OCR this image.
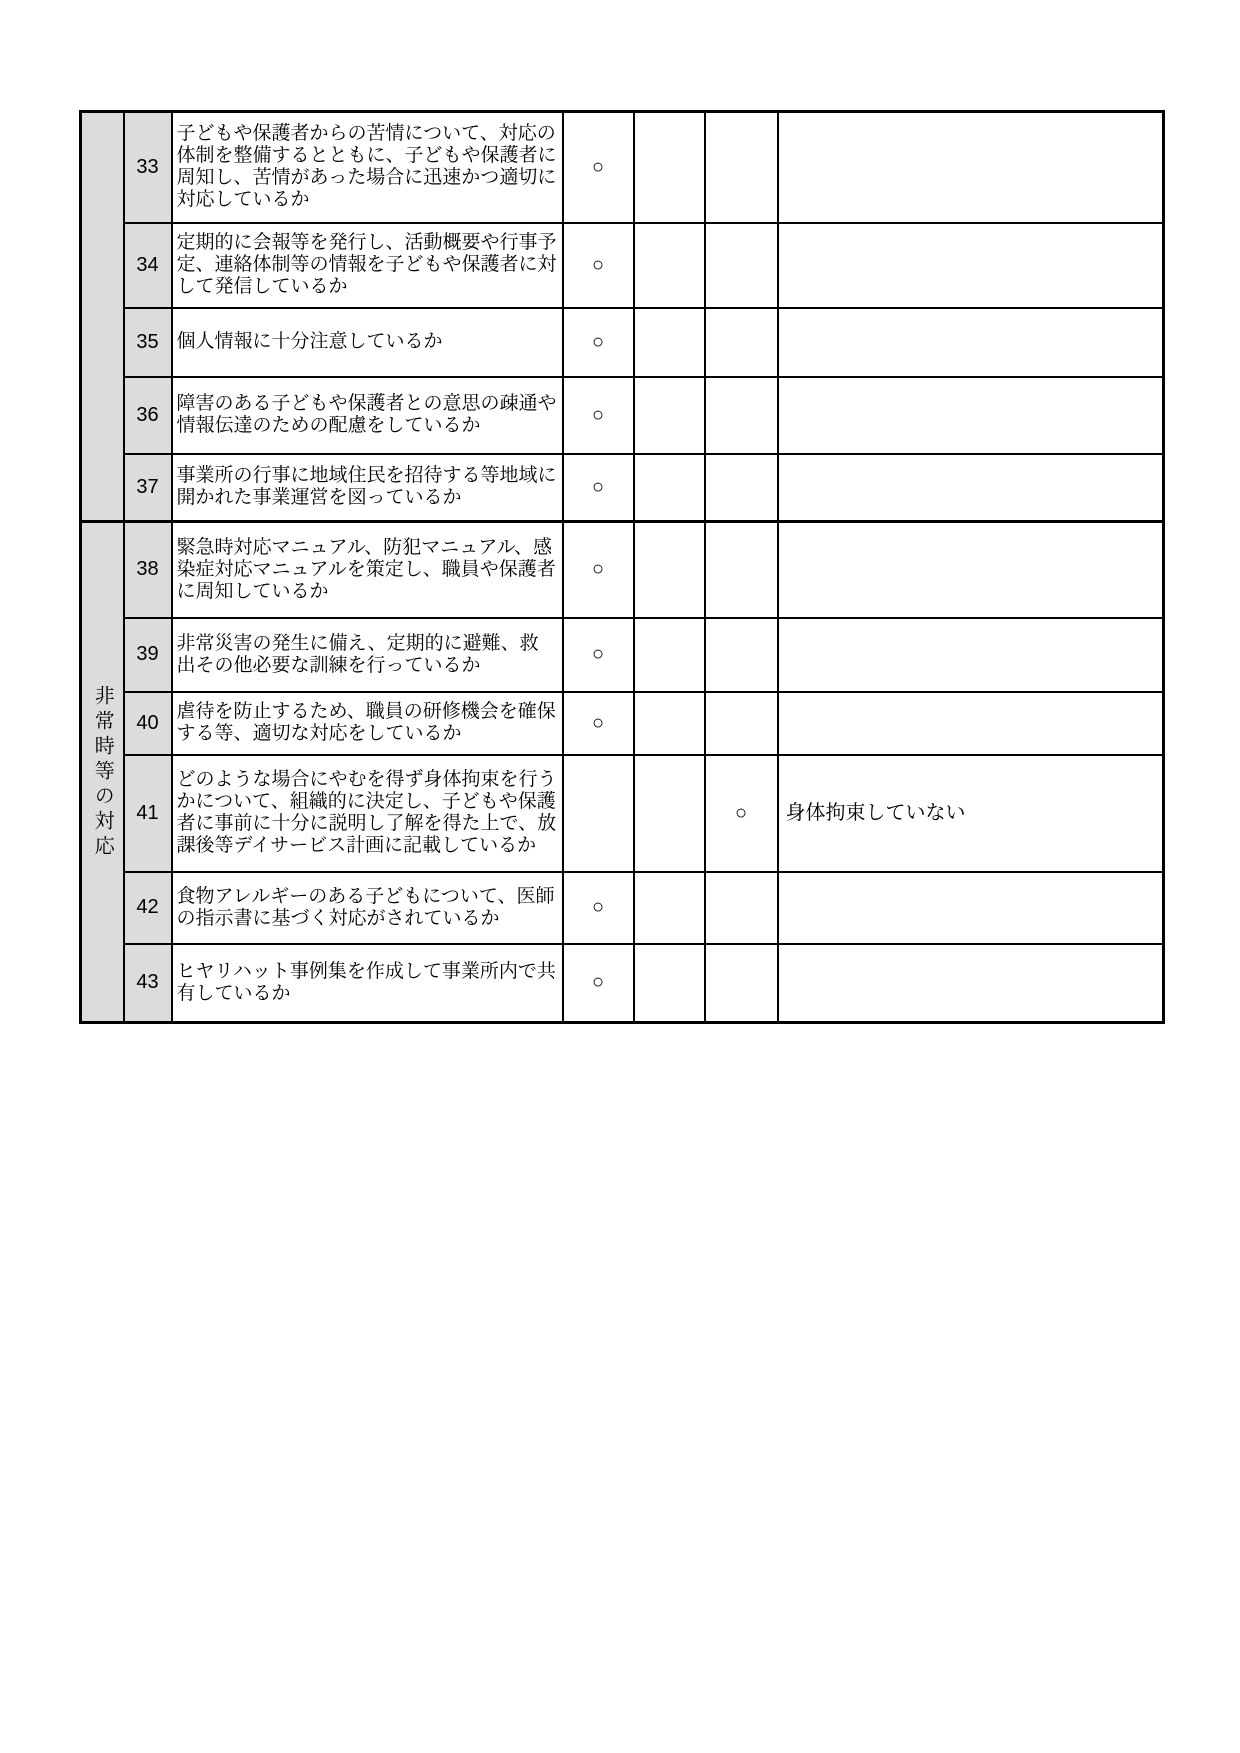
	33	子どもや保護者からの苦情について、対応の体制を整備するとともに、子どもや保護者に周知し、苦情があった場合に迅速かつ適切に対応しているか	○			
	34	定期的に会報等を発行し、活動概要や行事予定、連絡体制等の情報を子どもや保護者に対して発信しているか	○			
	35	個人情報に十分注意しているか	○			
	36	障害のある子どもや保護者との意思の疎通や情報伝達のための配慮をしているか	○			
	37	事業所の行事に地域住民を招待する等地域に開かれた事業運営を図っているか	○			

非常時等の対応	38	緊急時対応マニュアル、防犯マニュアル、感染症対応マニュアルを策定し、職員や保護者に周知しているか	○			
	39	非常災害の発生に備え、定期的に避難、救出その他必要な訓練を行っているか	○			
	40	虐待を防止するため、職員の研修機会を確保する等、適切な対応をしているか	○			
	41	どのような場合にやむを得ず身体拘束を行うかについて、組織的に決定し、子どもや保護者に事前に十分に説明し了解を得た上で、放課後等デイサービス計画に記載しているか			○	身体拘束していない
	42	食物アレルギーのある子どもについて、医師の指示書に基づく対応がされているか	○			
	43	ヒヤリハット事例集を作成して事業所内で共有しているか	○			
